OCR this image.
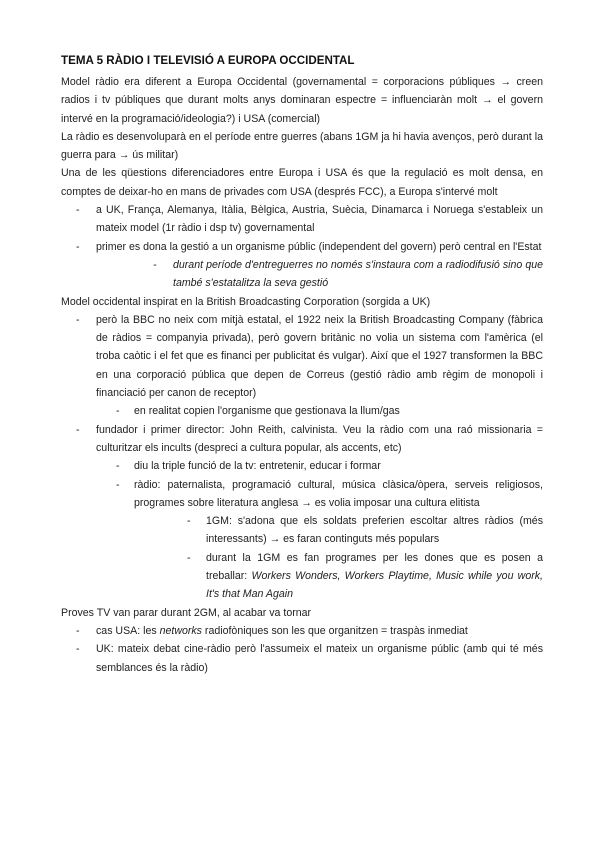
TEMA 5 RÀDIO I TELEVISIÓ A EUROPA OCCIDENTAL

Model ràdio era diferent a Europa Occidental (governamental = corporacions públiques → creen radios i tv públiques que durant molts anys dominaran espectre = influenciaràn molt → el govern intervé en la programació/ideologia?) i USA (comercial)

La ràdio es desenvoluparà en el període entre guerres (abans 1GM ja hi havia avenços, però durant la guerra para → ús militar)

Una de les qüestions diferenciadores entre Europa i USA és que la regulació es molt densa, en comptes de deixar-ho en mans de privades com USA (després FCC), a Europa s'intervé molt

- a UK, França, Alemanya, Itàlia, Bèlgica, Austria, Suècia, Dinamarca i Noruega s'estableix un mateix model (1r ràdio i dsp tv) governamental
- primer es dona la gestió a un organisme públic (independent del govern) però central en l'Estat
- durant període d'entreguerres no només s'instaura com a radiodifusió sino que també s'estatalitza la seva gestió

Model occidental inspirat en la British Broadcasting Corporation (sorgida a UK)

- però la BBC no neix com mitjà estatal, el 1922 neix la British Broadcasting Company (fàbrica de ràdios = companyia privada), però govern britànic no volia un sistema com l'amèrica (el troba caòtic i el fet que es financi per publicitat és vulgar). Així que el 1927 transformen la BBC en una corporació pública que depen de Correus (gestió ràdio amb règim de monopoli i financiació per canon de receptor)
- en realitat copien l'organisme que gestionava la llum/gas
- fundador i primer director: John Reith, calvinista. Veu la ràdio com una raó missionaria = culturitzar els incults (despreci a cultura popular, als accents, etc)
- diu la triple funció de la tv: entretenir, educar i formar
- ràdio: paternalista, programació cultural, música clàsica/òpera, serveis religiosos, programes sobre literatura anglesa → es volia imposar una cultura elitista
- 1GM: s'adona que els soldats preferien escoltar altres ràdios (més interessants) → es faran continguts més populars
- durant la 1GM es fan programes per les dones que es posen a treballar: Workers Wonders, Workers Playtime, Music while you work, It's that Man Again

Proves TV van parar durant 2GM, al acabar va tornar

- cas USA: les networks radiofòniques son les que organitzen = traspàs inmediat
- UK: mateix debat cine-ràdio però l'assumeix el mateix un organisme públic (amb qui té més semblances és la ràdio)
